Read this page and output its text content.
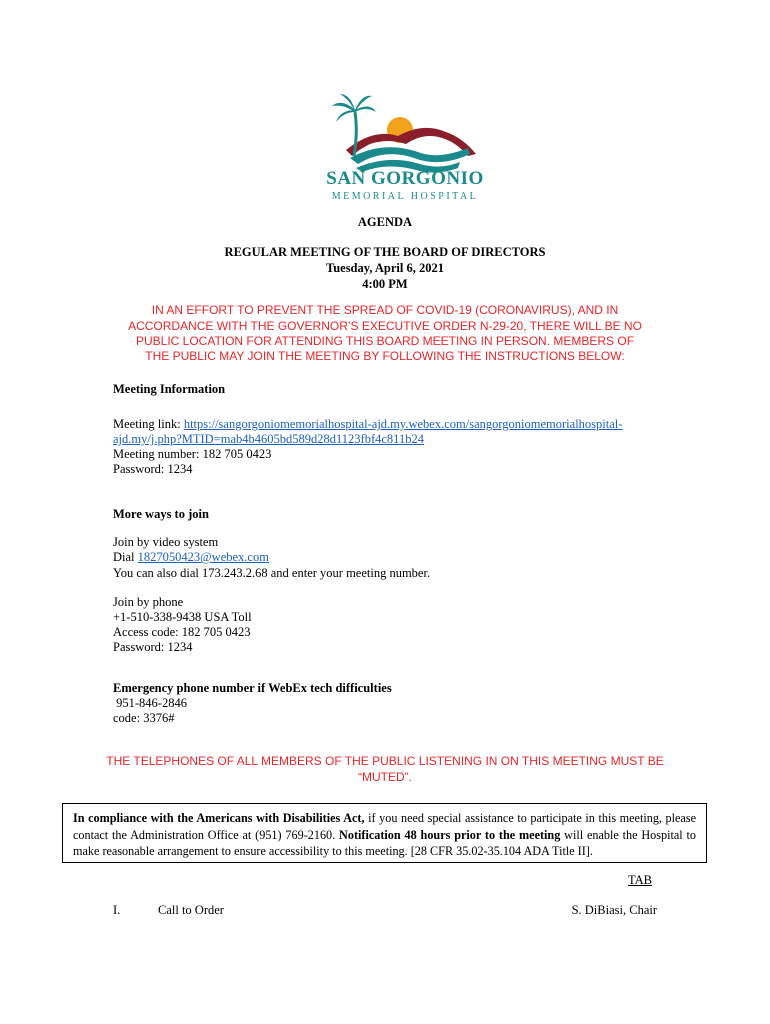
SAN GORGONIO
MEMORIAL HOSPITAL
AGENDA
REGULAR MEETING OF THE BOARD OF DIRECTORS
Tuesday, April 6, 2021
4:00 PM
IN AN EFFORT TO PREVENT THE SPREAD OF COVID-19 (CORONAVIRUS), AND IN
ACCORDANCE WITH THE GOVERNOR’S EXECUTIVE ORDER N-29-20, THERE WILL BE NO
PUBLIC LOCATION FOR ATTENDING THIS BOARD MEETING IN PERSON. MEMBERS OF
THE PUBLIC MAY JOIN THE MEETING BY FOLLOWING THE INSTRUCTIONS BELOW:
Meeting Information
Meeting link: https://sangorgoniomemorialhospital-ajd.my.webex.com/sangorgoniomemorialhospital-
ajd.my/j.php?MTID=mab4b4605bd589d28d1123fbf4c811b24
Meeting number: 182 705 0423
Password: 1234
More ways to join
Join by video system
Dial 1827050423@webex.com
You can also dial 173.243.2.68 and enter your meeting number.
Join by phone
+1-510-338-9438 USA Toll
Access code: 182 705 0423
Password: 1234
Emergency phone number if WebEx tech difficulties
951-846-2846
code: 3376#
THE TELEPHONES OF ALL MEMBERS OF THE PUBLIC LISTENING IN ON THIS MEETING MUST BE
“MUTED”.
In compliance with the Americans with Disabilities Act, if you need special assistance to participate in this meeting, please contact the Administration Office at (951) 769-2160. Notification 48 hours prior to the meeting will enable the Hospital to make reasonable arrangement to ensure accessibility to this meeting. [28 CFR 35.02-35.104 ADA Title II].
TAB
I.	Call to Order	S. DiBiasi, Chair
